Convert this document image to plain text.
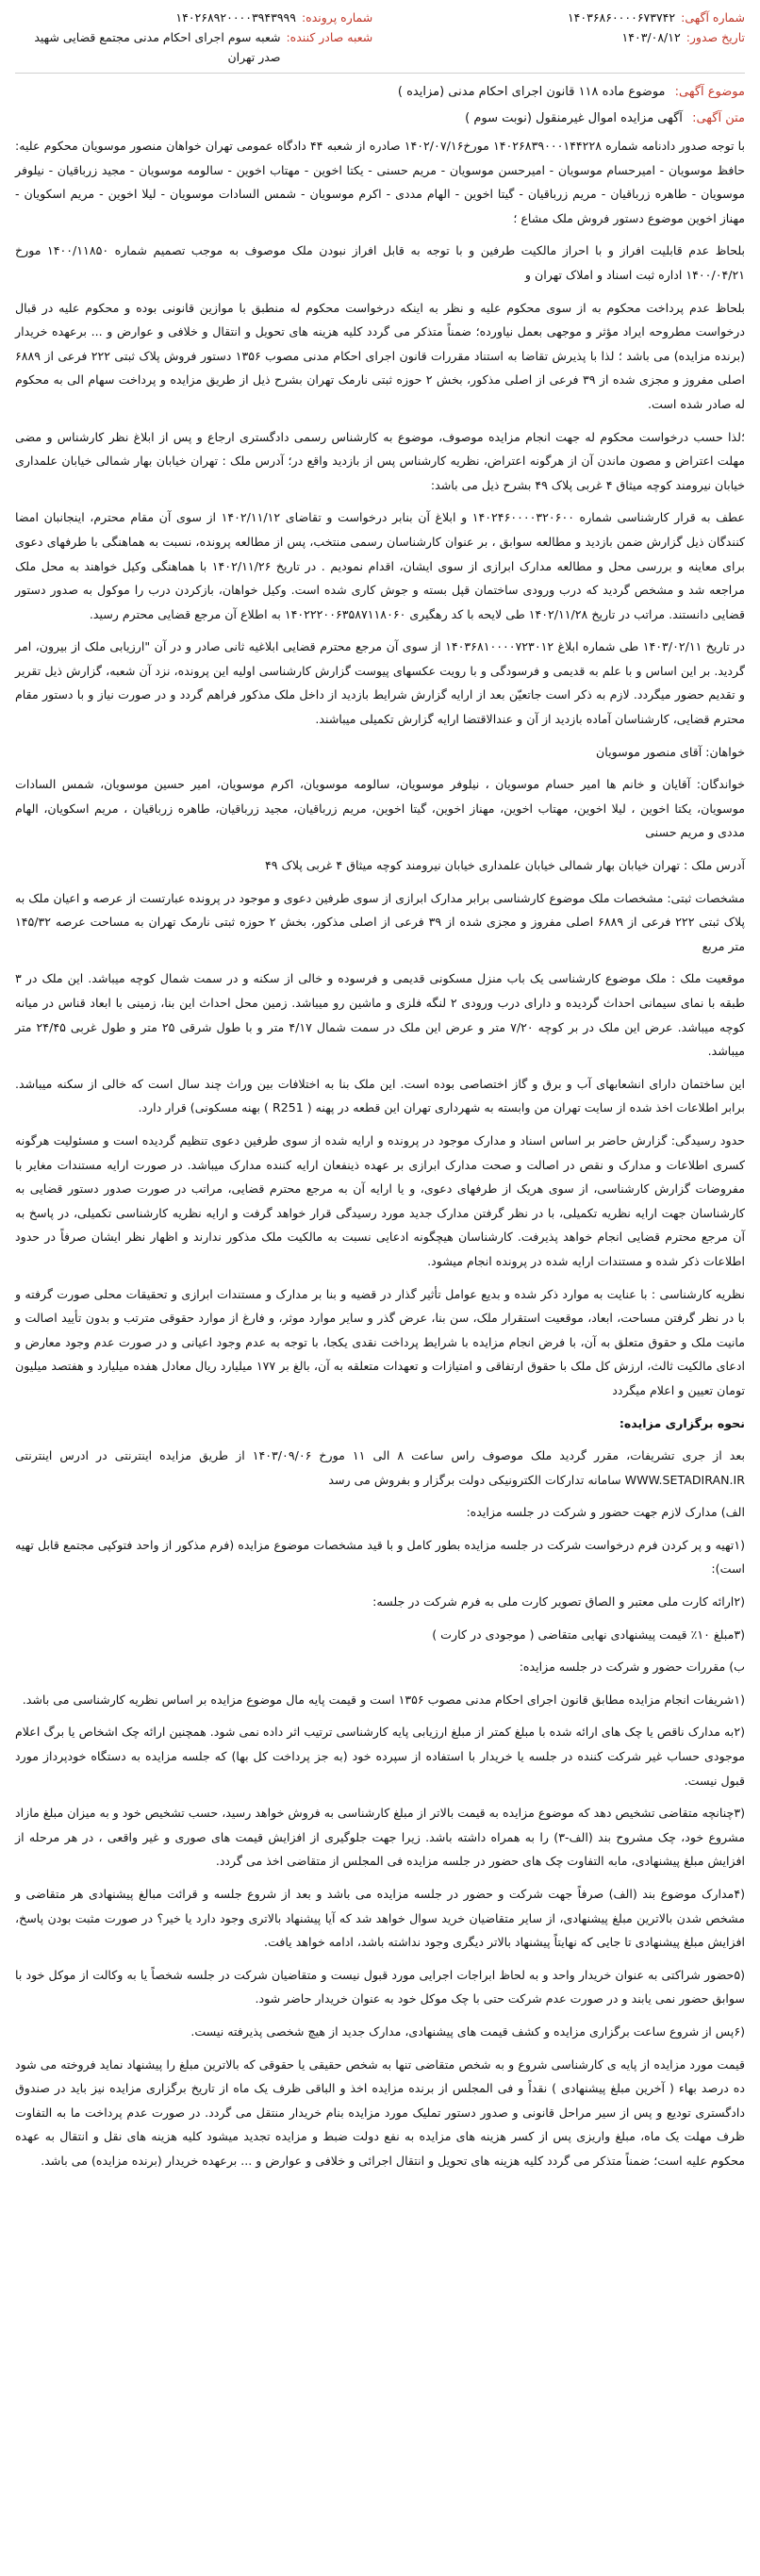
شماره آگهی:
۱۴۰۳۶۸۶۰۰۰۰۶۷۳۷۴۲
شماره پرونده:
۱۴۰۲۶۸۹۲۰۰۰۰۳۹۴۳۹۹۹
تاریخ صدور:
۱۴۰۳/۰۸/۱۲
شعبه صادر کننده:
شعبه سوم اجرای احکام مدنی مجتمع قضایی شهید صدر تهران
موضوع آگهی: موضوع ماده ۱۱۸ قانون اجرای احکام مدنی (مزایده )
متن آگهی: آگهی مزایده اموال غیرمنقول (نوبت سوم )

با توجه صدور دادنامه شماره ۱۴۰۲۶۸۳۹۰۰۰۱۴۴۲۲۸ مورخ۱۴۰۲/۰۷/۱۶ صادره از شعبه ۴۴ دادگاه عمومی تهران خواهان منصور موسویان محکوم علیه: حافظ موسویان - امیرحسام موسویان - امیرحسن موسویان - مریم حسنی - یکتا اخوین - مهتاب اخوین - سالومه موسویان - مجید زرباقیان - نیلوفر موسویان - طاهره زرباقیان - مریم زرباقیان - گیتا اخوین - الهام مددی - اکرم موسویان - شمس السادات موسویان - لیلا اخوین - مریم اسکویان - مهناز اخوین موضوع دستور فروش ملک مشاع ؛

بلحاظ عدم قابلیت افراز و با احراز مالکیت طرفین و با توجه به قابل افراز نبودن ملک موصوف به موجب تصمیم شماره ۱۴۰۰/۱۱۸۵۰ مورخ ۱۴۰۰/۰۴/۲۱ اداره ثبت اسناد و املاک تهران و

بلحاظ عدم پرداخت محکوم به از سوی محکوم علیه و نظر به اینکه درخواست محکوم له منطبق با موازین قانونی بوده و محکوم علیه در قبال درخواست مطروحه ایراد مؤثر و موجهی بعمل نیاورده؛ ضمناً متذکر می گردد کلیه هزینه های تحویل و انتقال و خلافی و عوارض و ... برعهده خریدار (برنده مزایده) می باشد ؛ لذا با پذیرش تقاضا به استناد مقررات قانون اجرای احکام مدنی مصوب ۱۳۵۶ دستور فروش پلاک ثبتی ۲۲۲ فرعی از ۶۸۸۹ اصلی مفروز و مجزی شده از ۳۹ فرعی از اصلی مذکور، بخش ۲ حوزه ثبتی نارمک تهران بشرح ذیل از طریق مزایده و پرداخت سهام الی به محکوم له صادر شده است.

؛لذا حسب درخواست محکوم له جهت انجام مزایده موصوف، موضوع به کارشناس رسمی دادگستری ارجاع و پس از ابلاغ نظر کارشناس و مضی مهلت اعتراض و مصون ماندن آن از هرگونه اعتراض، نظریه کارشناس پس از بازدید واقع در؛ آدرس ملک : تهران خیابان بهار شمالی خیابان علمداری خیابان نیرومند کوچه میثاق ۴ غربی پلاک ۴۹ بشرح ذیل می باشد:

عطف به قرار کارشناسی شماره ۱۴۰۲۴۶۰۰۰۰۳۲۰۶۰۰ و ابلاغ آن بنابر درخواست و تقاضای ۱۴۰۲/۱۱/۱۲ از سوی آن مقام محترم، اینجانبان امضا کنندگان ذیل گزارش ضمن بازدید و مطالعه سوابق ، بر عنوان کارشناسان رسمی منتخب، پس از مطالعه پرونده، نسبت به هماهنگی با طرفهای دعوی برای معاینه و بررسی محل و مطالعه مدارک ابرازی از سوی ایشان، اقدام نمودیم . در تاریخ ۱۴۰۲/۱۱/۲۶ با هماهنگی وکیل خواهند به محل ملک مراجعه شد و مشخص گردید که درب ورودی ساختمان قپل بسته و جوش کاری شده است. وکیل خواهان، بازکردن درب را موکول به صدور دستور قضایی دانستند. مراتب در تاریخ ۱۴۰۲/۱۱/۲۸ طی لایحه با کد رهگیری ۱۴۰۲۲۲۰۰۶۳۵۸۷۱۱۸۰۶۰ به اطلاع آن مرجع قضایی محترم رسید.

در تاریخ ۱۴۰۳/۰۲/۱۱ طی شماره ابلاغ ۱۴۰۳۶۸۱۰۰۰۰۷۲۳۰۱۲ از سوی آن مرجع محترم قضایی ابلاغیه ثانی صادر و در آن "ارزیابی ملک از بیرون، امر گردید. بر این اساس و با علم به قدیمی و فرسودگی و با رویت عکسهای پیوست گزارش کارشناسی اولیه این پرونده، نزد آن شعبه، گزارش ذیل تقریر و تقدیم حضور میگردد. لازم به ذکر است جاتعیّن بعد از ارایه گزارش شرایط بازدید از داخل ملک مذکور فراهم گردد و در صورت نیاز و با دستور مقام محترم قضایی، کارشناسان آماده بازدید از آن و عندالاقتضا ارایه گزارش تکمیلی میباشند.

خواهان: آقای منصور موسویان

خواندگان: آقایان و خانم ها امیر حسام موسویان ، نیلوفر موسویان، سالومه موسویان، اکرم موسویان، امیر حسین موسویان، شمس السادات موسویان، یکتا اخوین ، لیلا اخوین، مهتاب اخوین، مهناز اخوین، گیتا اخوین، مریم زرباقیان، مجید زرباقیان، طاهره زرباقیان ، مریم اسکویان، الهام مددی و مریم حسنی

آدرس ملک : تهران خیابان بهار شمالی خیابان علمداری خیابان نیرومند کوچه میثاق ۴ غربی پلاک ۴۹

مشخصات ثبتی: مشخصات ملک موضوع کارشناسی برابر مدارک ابرازی از سوی طرفین دعوی و موجود در پرونده عبارتست از عرصه و اعیان ملک به پلاک ثبتی ۲۲۲ فرعی از ۶۸۸۹ اصلی مفروز و مجزی شده از ۳۹ فرعی از اصلی مذکور، بخش ۲ حوزه ثبتی نارمک تهران به مساحت عرصه ۱۴۵/۳۲ متر مربع

موقعیت ملک : ملک موضوع کارشناسی یک باب منزل مسکونی قدیمی و فرسوده و خالی از سکنه و در سمت شمال کوچه میباشد. این ملک در ۳ طبقه با نمای سیمانی احداث گردیده و دارای درب ورودی ۲ لنگه فلزی و ماشین رو میباشد. زمین محل احداث این بنا، زمینی با ابعاد قناس در میانه کوچه میباشد. عرض این ملک در بر کوچه ۷/۲۰ متر و عرض این ملک در سمت شمال ۴/۱۷ متر و با طول شرقی ۲۵ متر و طول غربی ۲۴/۴۵ متر میباشد.

این ساختمان دارای انشعابهای آب و برق و گاز اختصاصی بوده است. این ملک بنا به اختلافات بین وراث چند سال است که خالی از سکنه میباشد. برابر اطلاعات اخذ شده از سایت تهران من وابسته به شهرداری تهران این قطعه در پهنه ( R251 ) بهنه مسکونی) قرار دارد.

حدود رسیدگی: گزارش حاضر بر اساس اسناد و مدارک موجود در پرونده و ارایه شده از سوی طرفین دعوی تنظیم گردیده است و مسئولیت هرگونه کسری اطلاعات و مدارک و نقص در اصالت و صحت مدارک ابرازی بر عهده ذینفعان ارایه کننده مدارک میباشد. در صورت ارایه مستندات مغایر با مفروضات گزارش کارشناسی، از سوی هریک از طرفهای دعوی، و یا ارایه آن به مرجع محترم قضایی، مراتب در صورت صدور دستور قضایی به کارشناسان جهت ارایه نظریه تکمیلی، با در نظر گرفتن مدارک جدید مورد رسیدگی قرار خواهد گرفت و ارایه نظریه کارشناسی تکمیلی، در پاسخ به آن مرجع محترم قضایی انجام خواهد پذیرفت. کارشناسان هیچگونه ادعایی نسبت به مالکیت ملک مذکور ندارند و اظهار نظر ایشان صرفاً در حدود اطلاعات ذکر شده و مستندات ارایه شده در پرونده انجام میشود.

نظریه کارشناسی : با عنایت به موارد ذکر شده و بدیع عوامل تأثیر گذار در قضیه و بنا بر مدارک و مستندات ابرازی و تحقیقات محلی صورت گرفته و با در نظر گرفتن مساحت، ابعاد، موقعیت استقرار ملک، سن بنا، عرض گذر و سایر موارد موثر، و فارغ از موارد حقوقی مترتب و بدون تأیید اصالت و مانیت ملک و حقوق متعلق به آن، با فرض انجام مزایده با شرایط پرداخت نقدی یکجا، با توجه به عدم وجود اعیانی و در صورت عدم وجود معارض و ادعای مالکیت ثالث، ارزش کل ملک با حقوق ارتفاقی و امتیازات و تعهدات متعلقه به آن، بالغ بر ۱۷۷ میلیارد ریال معادل هفده میلیارد و هفتصد میلیون تومان تعیین و اعلام میگردد

نحوه برگزاری مزایده:

بعد از جری تشریفات، مقرر گردید ملک موصوف راس ساعت ۸ الی ۱۱ مورخ ۱۴۰۳/۰۹/۰۶ از طریق مزایده اینترنتی در ادرس اینترنتی WWW.SETADIRAN.IR سامانه تدارکات الکترونیکی دولت برگزار و بفروش می رسد

الف) مدارک لازم جهت حضور و شرکت در جلسه مزایده:

(۱تهیه و پر کردن فرم درخواست شرکت در جلسه مزایده بطور کامل و با قید مشخصات موضوع مزایده (فرم مذکور از واحد فتوکپی مجتمع قابل تهیه است):

(۲ارائه کارت ملی معتبر و الصاق تصویر کارت ملی به فرم شرکت در جلسه:

(۳مبلغ ۱۰٪ قیمت پیشنهادی نهایی متقاضی ( موجودی در کارت )

ب) مقررات حضور و شرکت در جلسه مزایده:

(۱شریفات انجام مزایده مطابق قانون اجرای احکام مدنی مصوب ۱۳۵۶ است و قیمت پایه مال موضوع مزایده بر اساس نظریه کارشناسی می باشد.

(۲به مدارک ناقص یا چک های ارائه شده با مبلغ کمتر از مبلغ ارزیابی پایه کارشناسی ترتیب اثر داده نمی شود. همچنین ارائه چک اشخاص یا برگ اعلام موجودی حساب غیر شرکت کننده در جلسه یا خریدار با استفاده از سپرده خود (به جز پرداخت کل بها) که جلسه مزایده به دستگاه خودپرداز مورد قبول نیست.

(۳چنانچه متقاضی تشخیص دهد که موضوع مزایده به قیمت بالاتر از مبلغ کارشناسی به فروش خواهد رسید، حسب تشخیص خود و به میزان مبلغ مازاد مشروع خود، چک مشروح بند (الف-۳) را به همراه داشته باشد. زیرا جهت جلوگیری از افزایش قیمت های صوری و غیر واقعی ، در هر مرحله از افزایش مبلغ پیشنهادی، مابه التفاوت چک های حضور در جلسه مزایده فی المجلس از متقاضی اخذ می گردد.

(۴مدارک موضوع بند (الف) صرفاً جهت شرکت و حضور در جلسه مزایده می باشد و بعد از شروع جلسه و قرائت مبالغ پیشنهادی هر متقاضی و مشخص شدن بالاترین مبلغ پیشنهادی، از سایر متقاضیان خرید سوال خواهد شد که آیا پیشنهاد بالاتری وجود دارد یا خیر؟ در صورت مثبت بودن پاسخ، افزایش مبلغ پیشنهادی تا جایی که نهایتاً پیشنهاد بالاتر دیگری وجود نداشته باشد، ادامه خواهد یافت.

(۵حضور شراکتی به عنوان خریدار واحد و به لحاظ ابراجات اجرایی مورد قبول نیست و متقاضیان شرکت در جلسه شخصاً یا به وکالت از موکل خود با سوابق حضور نمی یابند و در صورت عدم شرکت حتی با چک موکل خود به عنوان خریدار حاضر شود.

(۶پس از شروع ساعت برگزاری مزایده و کشف قیمت های پیشنهادی، مدارک جدید از هیچ شخصی پذیرفته نیست.

قیمت مورد مزایده از پایه ی کارشناسی شروع و به شخص متقاضی تنها به شخص حقیقی یا حقوقی که بالاترین مبلغ را پیشنهاد نماید فروخته می شود ده درصد بهاء ( آخرین مبلغ پیشنهادی ) نقداً و فی المجلس از برنده مزایده اخذ و الباقی ظرف یک ماه از تاریخ برگزاری مزایده نیز باید در صندوق دادگستری تودیع و پس از سیر مراحل قانونی و صدور دستور تملیک مورد مزایده بنام خریدار منتقل می گردد. در صورت عدم پرداخت ما به التفاوت ظرف مهلت یک ماه، مبلغ واریزی پس از کسر هزینه های مزایده به نفع دولت ضبط و مزایده تجدید میشود کلیه هزینه های نقل و انتقال به عهده محکوم علیه است؛ ضمناً متذکر می گردد کلیه هزینه های تحویل و انتقال اجرائی و خلافی و عوارض و ... برعهده خریدار (برنده مزایده) می باشد.
